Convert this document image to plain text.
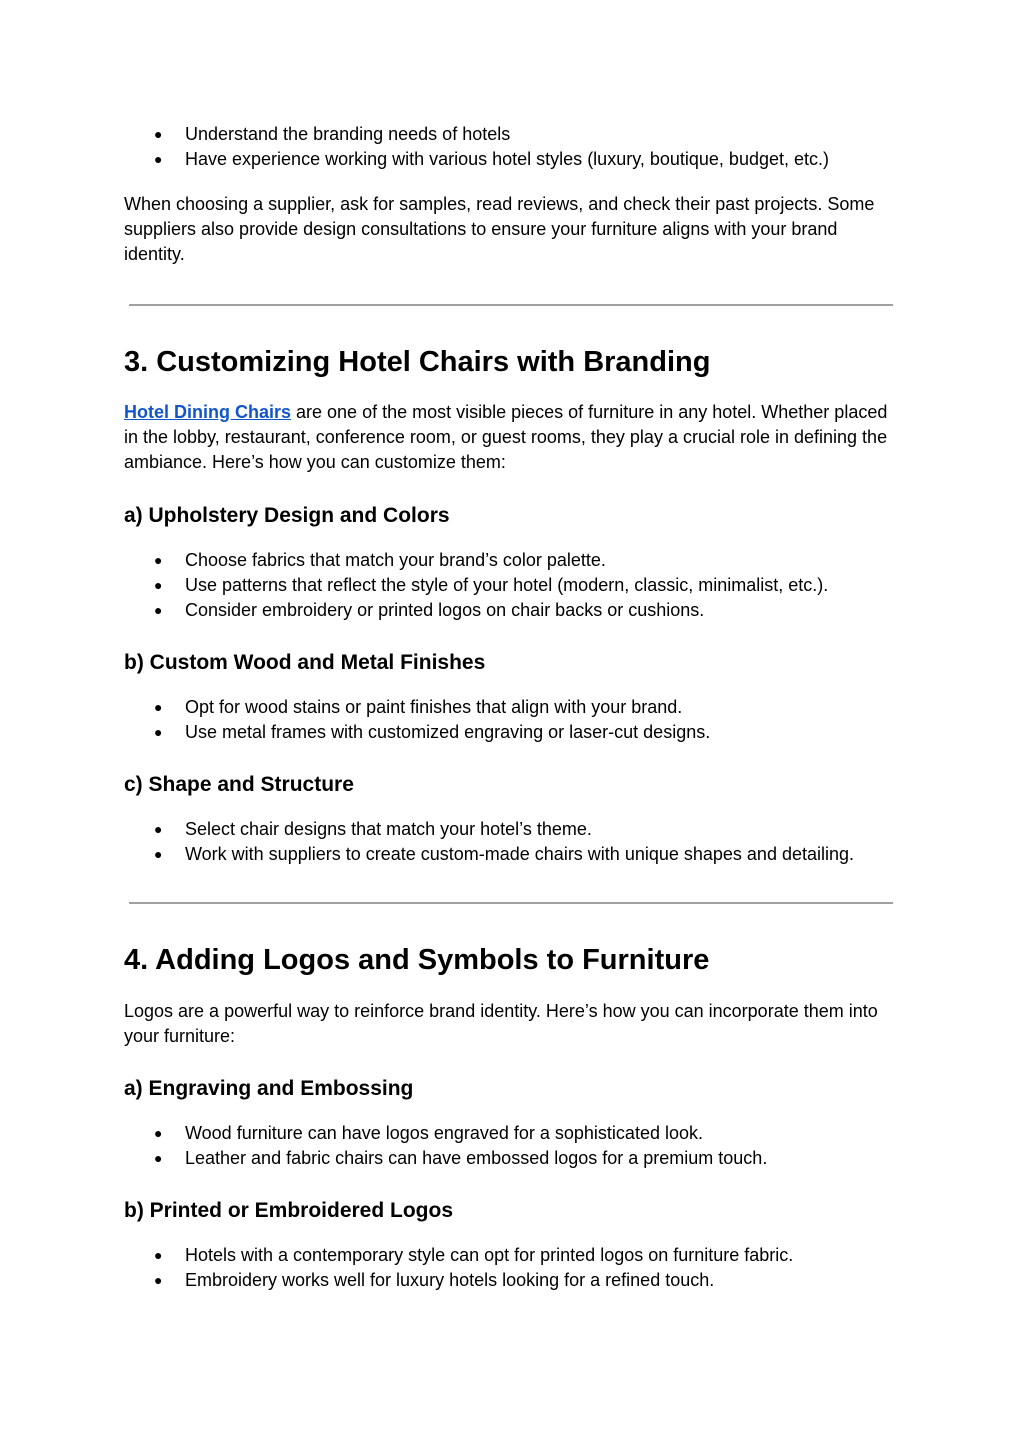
● Understand the branding needs of hotels
● Have experience working with various hotel styles (luxury, boutique, budget, etc.)

When choosing a supplier, ask for samples, read reviews, and check their past projects. Some suppliers also provide design consultations to ensure your furniture aligns with your brand identity.

3. Customizing Hotel Chairs with Branding

Hotel Dining Chairs are one of the most visible pieces of furniture in any hotel. Whether placed in the lobby, restaurant, conference room, or guest rooms, they play a crucial role in defining the ambiance. Here’s how you can customize them:

a) Upholstery Design and Colors
● Choose fabrics that match your brand’s color palette.
● Use patterns that reflect the style of your hotel (modern, classic, minimalist, etc.).
● Consider embroidery or printed logos on chair backs or cushions.
b) Custom Wood and Metal Finishes
● Opt for wood stains or paint finishes that align with your brand.
● Use metal frames with customized engraving or laser-cut designs.
c) Shape and Structure
● Select chair designs that match your hotel’s theme.
● Work with suppliers to create custom-made chairs with unique shapes and detailing.
4. Adding Logos and Symbols to Furniture

Logos are a powerful way to reinforce brand identity. Here’s how you can incorporate them into your furniture:

a) Engraving and Embossing
● Wood furniture can have logos engraved for a sophisticated look.
● Leather and fabric chairs can have embossed logos for a premium touch.
b) Printed or Embroidered Logos
● Hotels with a contemporary style can opt for printed logos on furniture fabric.
● Embroidery works well for luxury hotels looking for a refined touch.
